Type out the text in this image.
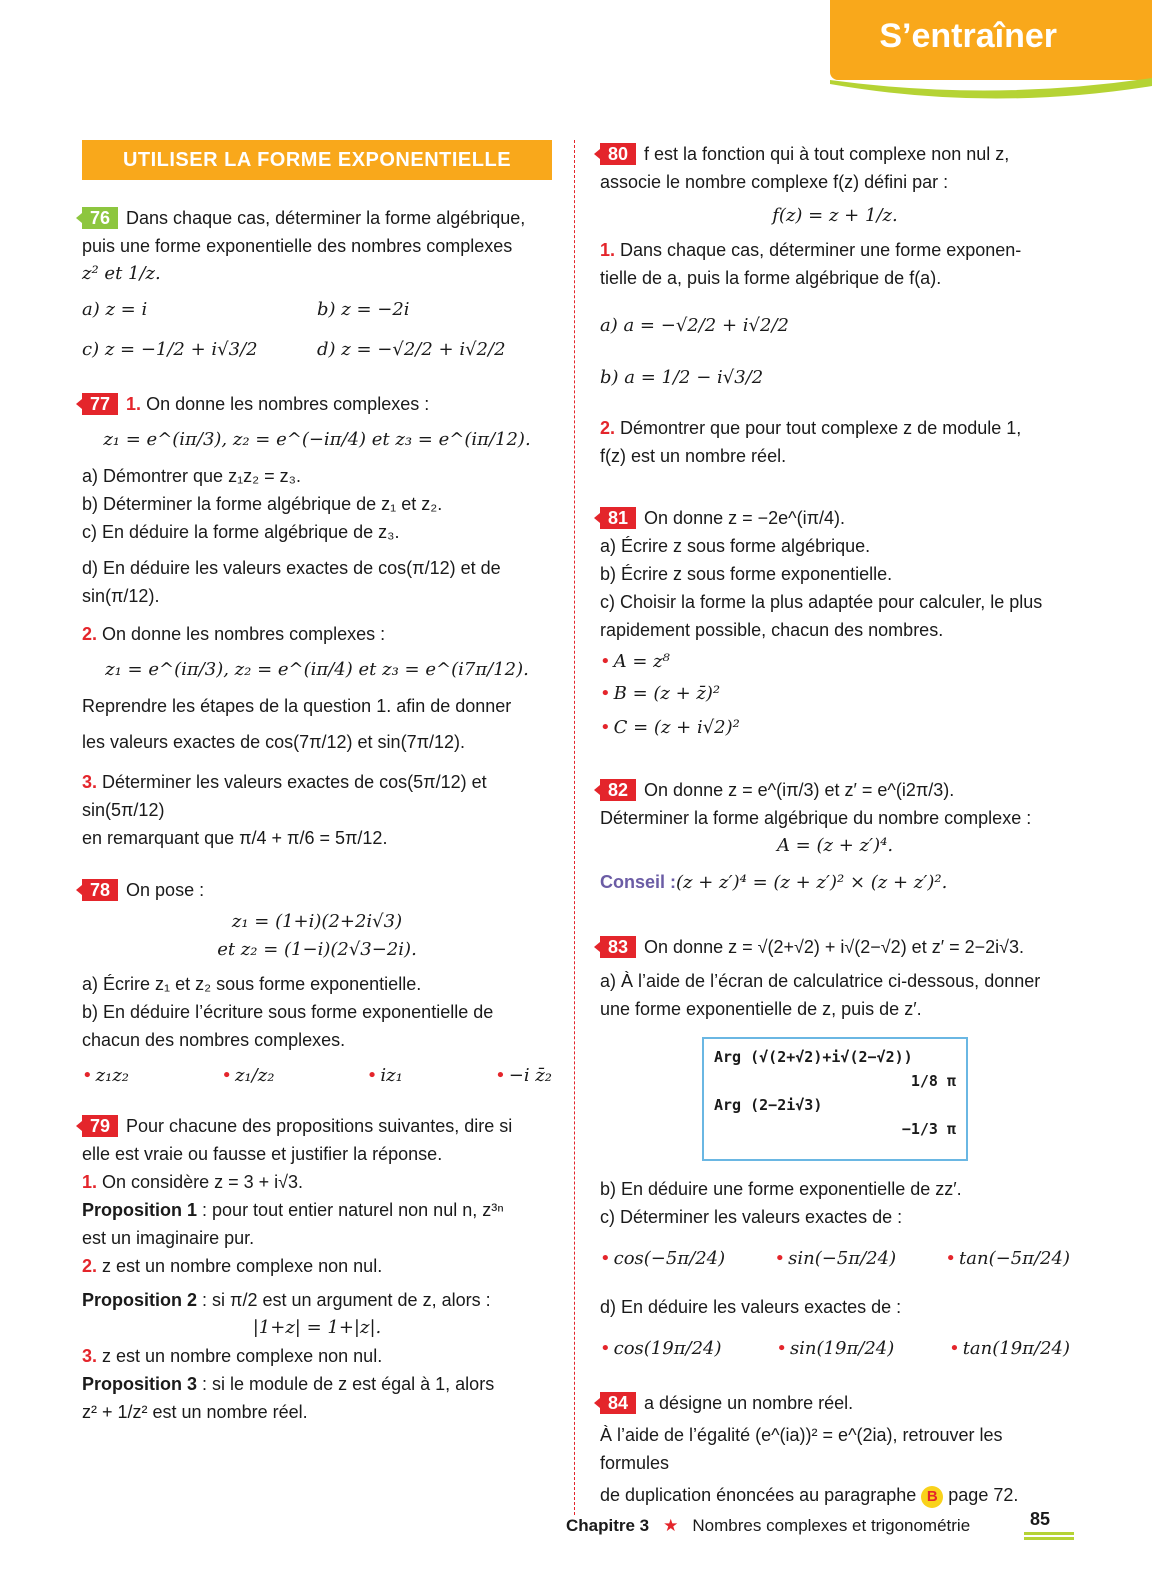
S’entraîner
UTILISER LA FORME EXPONENTIELLE
76 Dans chaque cas, déterminer la forme algébrique,
puis une forme exponentielle des nombres complexes
z² et 1/z.
a) z = i	b) z = −2i
c) z = −1/2 + i√3/2	d) z = −√2/2 + i√2/2
77 1. On donne les nombres complexes :
z₁ = e^(iπ/3), z₂ = e^(−iπ/4) et z₃ = e^(iπ/12).
a) Démontrer que z₁z₂ = z₃.
b) Déterminer la forme algébrique de z₁ et z₂.
c) En déduire la forme algébrique de z₃.
d) En déduire les valeurs exactes de cos(π/12) et de
sin(π/12).
2. On donne les nombres complexes :
z₁ = e^(iπ/3), z₂ = e^(iπ/4) et z₃ = e^(i7π/12).
Reprendre les étapes de la question 1. afin de donner
les valeurs exactes de cos(7π/12) et sin(7π/12).
3. Déterminer les valeurs exactes de cos(5π/12) et sin(5π/12)
en remarquant que π/4 + π/6 = 5π/12.
78 On pose :
z₁ = (1+i)(2+2i√3)
et z₂ = (1−i)(2√3−2i).
a) Écrire z₁ et z₂ sous forme exponentielle.
b) En déduire l’écriture sous forme exponentielle de
chacun des nombres complexes.
• z₁z₂	• z₁/z₂	• iz₁	• −i z̄₂
79 Pour chacune des propositions suivantes, dire si
elle est vraie ou fausse et justifier la réponse.
1. On considère z = 3 + i√3.
Proposition 1 : pour tout entier naturel non nul n, z³ⁿ
est un imaginaire pur.
2. z est un nombre complexe non nul.
Proposition 2 : si π/2 est un argument de z, alors :
|1+z| = 1+|z|.
3. z est un nombre complexe non nul.
Proposition 3 : si le module de z est égal à 1, alors
z² + 1/z² est un nombre réel.
80 f est la fonction qui à tout complexe non nul z,
associe le nombre complexe f(z) défini par :
f(z) = z + 1/z.
1. Dans chaque cas, déterminer une forme exponen-
tielle de a, puis la forme algébrique de f(a).
a) a = −√2/2 + i√2/2
b) a = 1/2 − i√3/2
2. Démontrer que pour tout complexe z de module 1,
f(z) est un nombre réel.
81 On donne z = −2e^(iπ/4).
a) Écrire z sous forme algébrique.
b) Écrire z sous forme exponentielle.
c) Choisir la forme la plus adaptée pour calculer, le plus
rapidement possible, chacun des nombres.
• A = z⁸
• B = (z + z̄)²
• C = (z + i√2)²
82 On donne z = e^(iπ/3) et z′ = e^(i2π/3).
Déterminer la forme algébrique du nombre complexe :
A = (z + z′)⁴.
Conseil :(z + z′)⁴ = (z + z′)² × (z + z′)².
83 On donne z = √(2+√2) + i√(2−√2) et z′ = 2−2i√3.
a) À l’aide de l’écran de calculatrice ci-dessous, donner
une forme exponentielle de z, puis de z′.
Arg (√(2+√2)+i√(2−√2))
1/8 π
Arg (2−2i√3)
−1/3 π
b) En déduire une forme exponentielle de zz′.
c) Déterminer les valeurs exactes de :
• cos(−5π/24)	• sin(−5π/24)	• tan(−5π/24)
d) En déduire les valeurs exactes de :
• cos(19π/24)	• sin(19π/24)	• tan(19π/24)
84 a désigne un nombre réel.
À l’aide de l’égalité (e^(ia))² = e^(2ia), retrouver les formules
de duplication énoncées au paragraphe B page 72.
Chapitre 3 ★ Nombres complexes et trigonométrie	85
